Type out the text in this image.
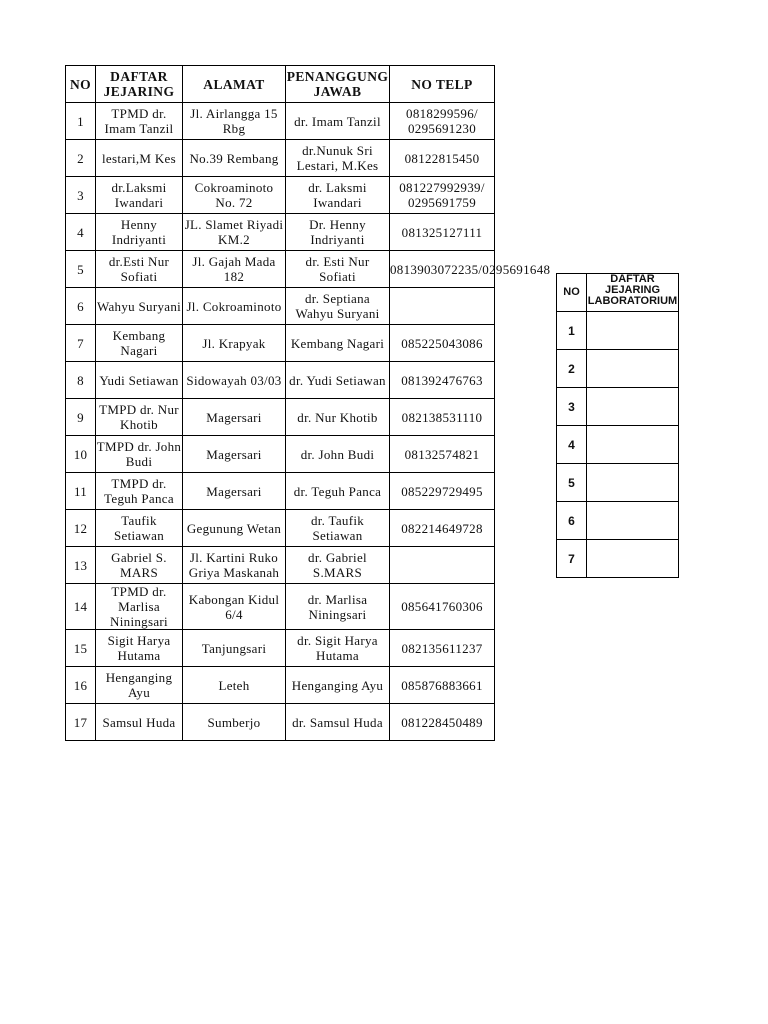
NO	DAFTAR JEJARING	ALAMAT	PENANGGUNG JAWAB	NO TELP
1	TPMD dr. Imam Tanzil	Jl. Airlangga 15 Rbg	dr. Imam Tanzil	0818299596/ 0295691230
2	lestari,M Kes	No.39 Rembang	dr.Nunuk Sri Lestari, M.Kes	08122815450
3	dr.Laksmi Iwandari	Cokroaminoto No. 72	dr. Laksmi Iwandari	081227992939/ 0295691759
4	Henny Indriyanti	JL. Slamet Riyadi KM.2	Dr. Henny Indriyanti	081325127111
5	dr.Esti Nur Sofiati	Jl. Gajah Mada 182	dr. Esti Nur Sofiati	0813903072235/0295691648
6	Wahyu Suryani	Jl. Cokroaminoto	dr. Septiana Wahyu Suryani	
7	Kembang Nagari	Jl. Krapyak	Kembang Nagari	085225043086
8	Yudi Setiawan	Sidowayah 03/03	dr. Yudi Setiawan	081392476763
9	TMPD dr. Nur Khotib	Magersari	dr. Nur Khotib	082138531110
10	TMPD dr. John Budi	Magersari	dr. John Budi	08132574821
11	TMPD dr. Teguh Panca	Magersari	dr. Teguh Panca	085229729495
12	Taufik Setiawan	Gegunung Wetan	dr. Taufik Setiawan	082214649728
13	Gabriel S. MARS	Jl. Kartini Ruko Griya Maskanah	dr. Gabriel S.MARS	
14	TPMD dr. Marlisa Niningsari	Kabongan Kidul 6/4	dr. Marlisa Niningsari	085641760306
15	Sigit Harya Hutama	Tanjungsari	dr. Sigit Harya Hutama	082135611237
16	Henganging Ayu	Leteh	Henganging Ayu	085876883661
17	Samsul Huda	Sumberjo	dr. Samsul Huda	081228450489
NO	DAFTAR JEJARING LABORATORIUM
1	
2	
3	
4	
5	
6	
7	
